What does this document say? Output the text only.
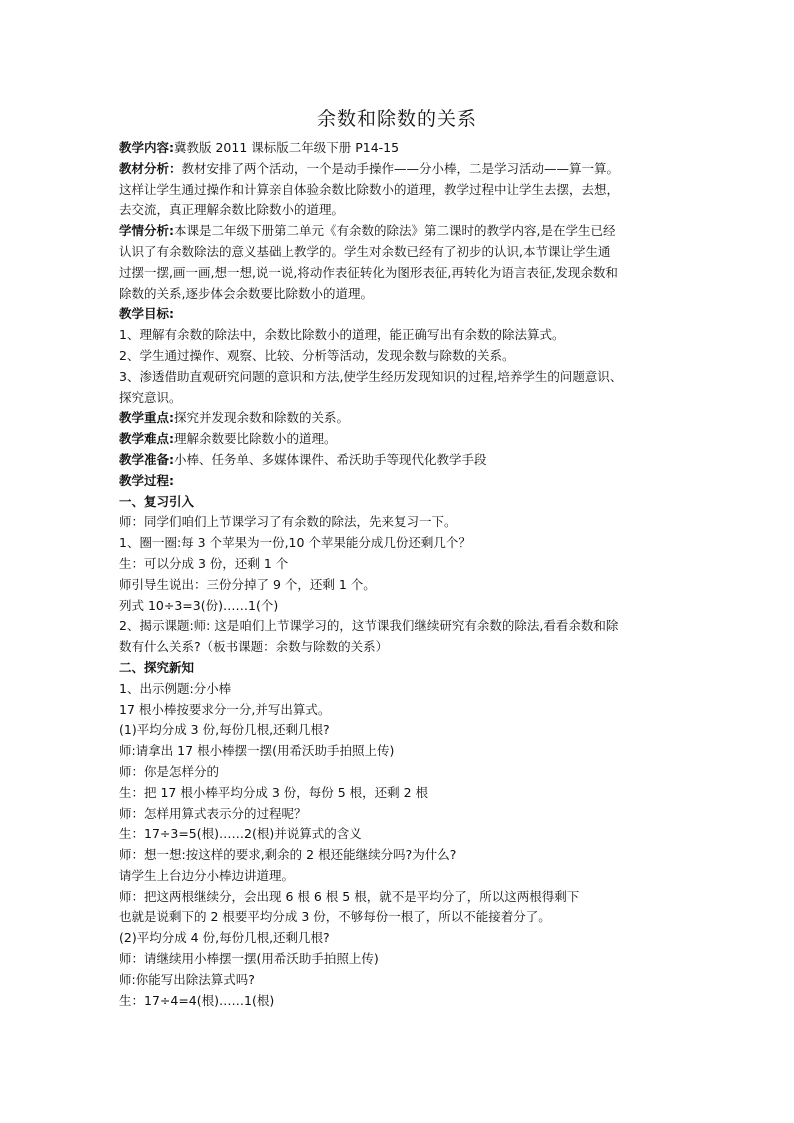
余数和除数的关系
教学内容:冀教版 2011 课标版二年级下册 P14-15
教材分析：教材安排了两个活动，一个是动手操作——分小棒，二是学习活动——算一算。
这样让学生通过操作和计算亲自体验余数比除数小的道理，教学过程中让学生去摆，去想，
去交流，真正理解余数比除数小的道理。
学情分析:本课是二年级下册第二单元《有余数的除法》第二课时的教学内容,是在学生已经
认识了有余数除法的意义基础上教学的。学生对余数已经有了初步的认识,本节课让学生通
过摆一摆,画一画,想一想,说一说,将动作表征转化为图形表征,再转化为语言表征,发现余数和
除数的关系,逐步体会余数要比除数小的道理。
教学目标:
1、理解有余数的除法中，余数比除数小的道理，能正确写出有余数的除法算式。
2、学生通过操作、观察、比较、分析等活动，发现余数与除数的关系。
3、渗透借助直观研究问题的意识和方法,使学生经历发现知识的过程,培养学生的问题意识、
探究意识。
教学重点:探究并发现余数和除数的关系。
教学难点:理解余数要比除数小的道理。
教学准备:小棒、任务单、多媒体课件、希沃助手等现代化教学手段
教学过程:
一、复习引入
师：同学们咱们上节课学习了有余数的除法，先来复习一下。
1、圈一圈:每 3 个苹果为一份,10 个苹果能分成几份还剩几个？
生：可以分成 3 份，还剩 1 个
师引导生说出：三份分掉了 9 个，还剩 1 个。
列式 10÷3=3(份)……1(个)
2、揭示课题:师: 这是咱们上节课学习的，这节课我们继续研究有余数的除法,看看余数和除
数有什么关系?（板书课题：余数与除数的关系）
二、探究新知
1、出示例题:分小棒
17 根小棒按要求分一分,并写出算式。
(1)平均分成 3 份,每份几根,还剩几根?
师:请拿出 17 根小棒摆一摆(用希沃助手拍照上传)
师：你是怎样分的
生：把 17 根小棒平均分成 3 份，每份 5 根，还剩 2 根
师：怎样用算式表示分的过程呢？
生：17÷3=5(根)……2(根)并说算式的含义
师：想一想:按这样的要求,剩余的 2 根还能继续分吗?为什么?
请学生上台边分小棒边讲道理。
师：把这两根继续分，会出现 6 根 6 根 5 根，就不是平均分了，所以这两根得剩下
也就是说剩下的 2 根要平均分成 3 份，不够每份一根了，所以不能接着分了。
(2)平均分成 4 份,每份几根,还剩几根?
师：请继续用小棒摆一摆(用希沃助手拍照上传)
师:你能写出除法算式吗?
生：17÷4=4(根)……1(根)
